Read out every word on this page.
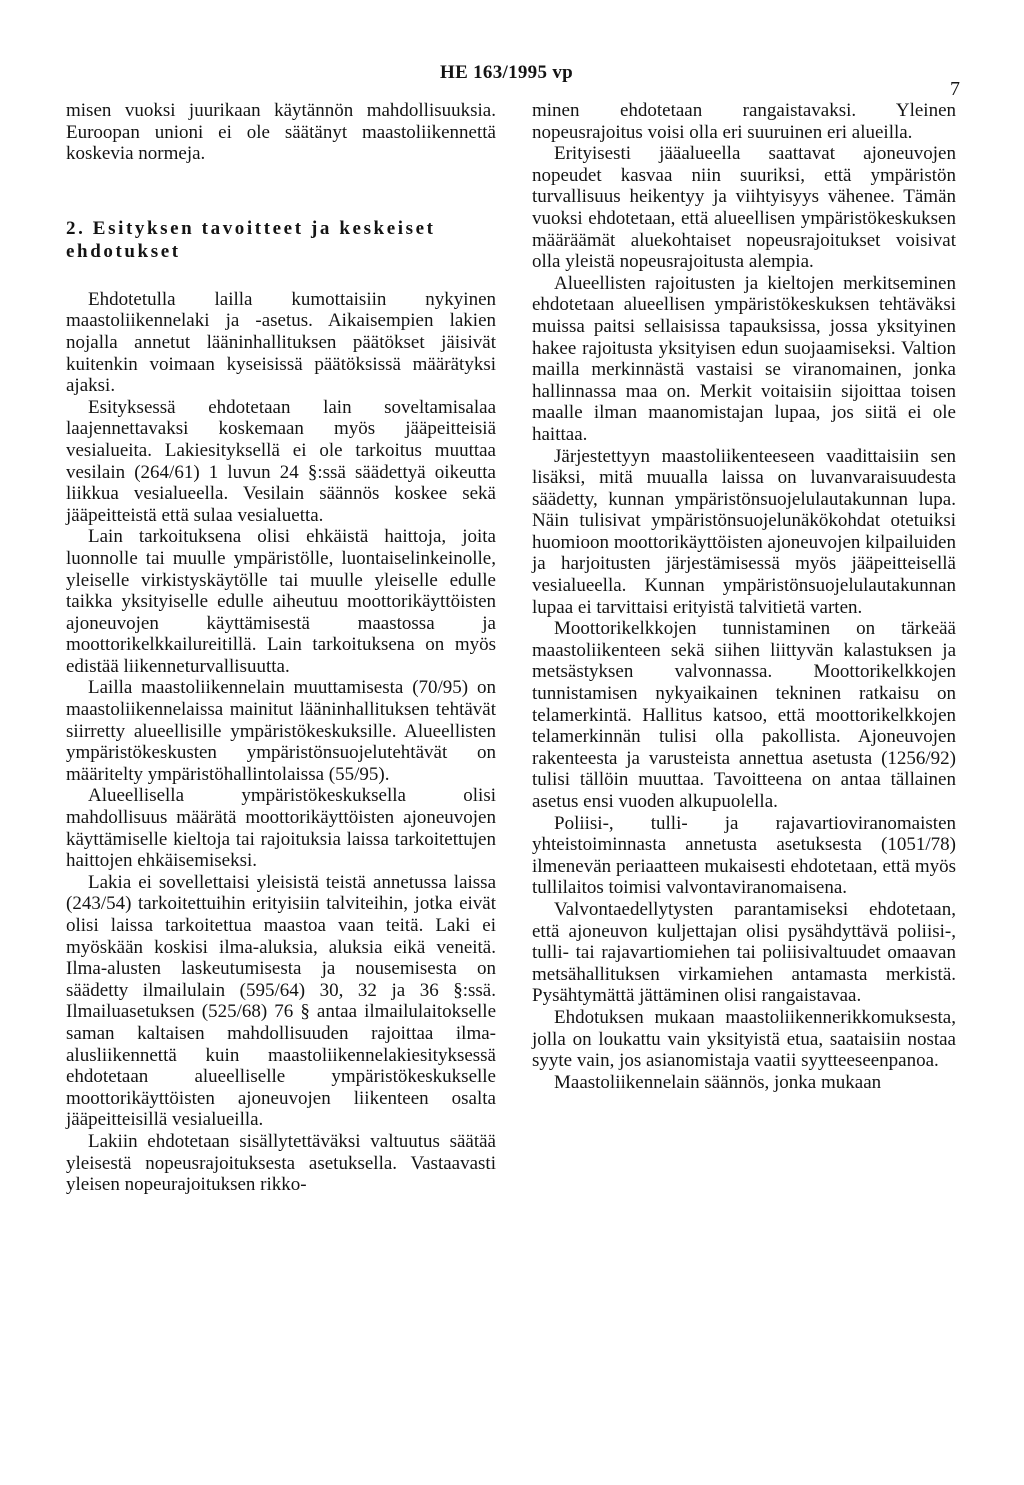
HE 163/1995 vp
7

misen vuoksi juurikaan käytännön mahdollisuuksia. Euroopan unioni ei ole säätänyt maastoliikennettä koskevia normeja.

2. Esityksen tavoitteet ja keskeiset ehdotukset

Ehdotetulla lailla kumottaisiin nykyinen maastoliikennelaki ja -asetus. Aikaisempien lakien nojalla annetut lääninhallituksen päätökset jäisivät kuitenkin voimaan kyseisissä päätöksissä määrätyksi ajaksi.

Esityksessä ehdotetaan lain soveltamisalaa laajennettavaksi koskemaan myös jääpeitteisiä vesialueita. Lakiesityksellä ei ole tarkoitus muuttaa vesilain (264/61) 1 luvun 24 §:ssä säädettyä oikeutta liikkua vesialueella. Vesilain säännös koskee sekä jääpeitteistä että sulaa vesialuetta.

Lain tarkoituksena olisi ehkäistä haittoja, joita luonnolle tai muulle ympäristölle, luontaiselinkeinolle, yleiselle virkistyskäytölle tai muulle yleiselle edulle taikka yksityiselle edulle aiheutuu moottorikäyttöisten ajoneuvojen käyttämisestä maastossa ja moottorikelkkailureitillä. Lain tarkoituksena on myös edistää liikenneturvallisuutta.

Lailla maastoliikennelain muuttamisesta (70/95) on maastoliikennelaissa mainitut lääninhallituksen tehtävät siirretty alueellisille ympäristökeskuksille. Alueellisten ympäristökeskusten ympäristönsuojelutehtävät on määritelty ympäristöhallintolaissa (55/95).

Alueellisella ympäristökeskuksella olisi mahdollisuus määrätä moottorikäyttöisten ajoneuvojen käyttämiselle kieltoja tai rajoituksia laissa tarkoitettujen haittojen ehkäisemiseksi.

Lakia ei sovellettaisi yleisistä teistä annetussa laissa (243/54) tarkoitettuihin erityisiin talviteihin, jotka eivät olisi laissa tarkoitettua maastoa vaan teitä. Laki ei myöskään koskisi ilma-aluksia, aluksia eikä veneitä. Ilma-alusten laskeutumisesta ja nousemisesta on säädetty ilmailulain (595/64) 30, 32 ja 36 §:ssä. Ilmailuasetuksen (525/68) 76 § antaa ilmailulaitokselle saman kaltaisen mahdollisuuden rajoittaa ilma-alusliikennettä kuin maastoliikennelakiesityksessä ehdotetaan alueelliselle ympäristökeskukselle moottorikäyttöisten ajoneuvojen liikenteen osalta jääpeitteisillä vesialueilla.

Lakiin ehdotetaan sisällytettäväksi valtuutus säätää yleisestä nopeusrajoituksesta asetuksella. Vastaavasti yleisen nopeurajoituksen rikko-

minen ehdotetaan rangaistavaksi. Yleinen nopeusrajoitus voisi olla eri suuruinen eri alueilla.

Erityisesti jääalueella saattavat ajoneuvojen nopeudet kasvaa niin suuriksi, että ympäristön turvallisuus heikentyy ja viihtyisyys vähenee. Tämän vuoksi ehdotetaan, että alueellisen ympäristökeskuksen määräämät aluekohtaiset nopeusrajoitukset voisivat olla yleistä nopeusrajoitusta alempia.

Alueellisten rajoitusten ja kieltojen merkitseminen ehdotetaan alueellisen ympäristökeskuksen tehtäväksi muissa paitsi sellaisissa tapauksissa, jossa yksityinen hakee rajoitusta yksityisen edun suojaamiseksi. Valtion mailla merkinnästä vastaisi se viranomainen, jonka hallinnassa maa on. Merkit voitaisiin sijoittaa toisen maalle ilman maanomistajan lupaa, jos siitä ei ole haittaa.

Järjestettyyn maastoliikenteeseen vaadittaisiin sen lisäksi, mitä muualla laissa on luvanvaraisuudesta säädetty, kunnan ympäristönsuojelulautakunnan lupa. Näin tulisivat ympäristönsuojelunäkökohdat otetuiksi huomioon moottorikäyttöisten ajoneuvojen kilpailuiden ja harjoitusten järjestämisessä myös jääpeitteisellä vesialueella. Kunnan ympäristönsuojelulautakunnan lupaa ei tarvittaisi erityistä talvitietä varten.

Moottorikelkkojen tunnistaminen on tärkeää maastoliikenteen sekä siihen liittyvän kalastuksen ja metsästyksen valvonnassa. Moottorikelkkojen tunnistamisen nykyaikainen tekninen ratkaisu on telamerkintä. Hallitus katsoo, että moottorikelkkojen telamerkinnän tulisi olla pakollista. Ajoneuvojen rakenteesta ja varusteista annettua asetusta (1256/92) tulisi tällöin muuttaa. Tavoitteena on antaa tällainen asetus ensi vuoden alkupuolella.

Poliisi-, tulli- ja rajavartioviranomaisten yhteistoiminnasta annetusta asetuksesta (1051/78) ilmenevän periaatteen mukaisesti ehdotetaan, että myös tullilaitos toimisi valvontaviranomaisena.

Valvontaedellytysten parantamiseksi ehdotetaan, että ajoneuvon kuljettajan olisi pysähdyttävä poliisi-, tulli- tai rajavartiomiehen tai poliisivaltuudet omaavan metsähallituksen virkamiehen antamasta merkistä. Pysähtymättä jättäminen olisi rangaistavaa.

Ehdotuksen mukaan maastoliikennerikkomuksesta, jolla on loukattu vain yksityistä etua, saataisiin nostaa syyte vain, jos asianomistaja vaatii syytteeseenpanoa.

Maastoliikennelain säännös, jonka mukaan
